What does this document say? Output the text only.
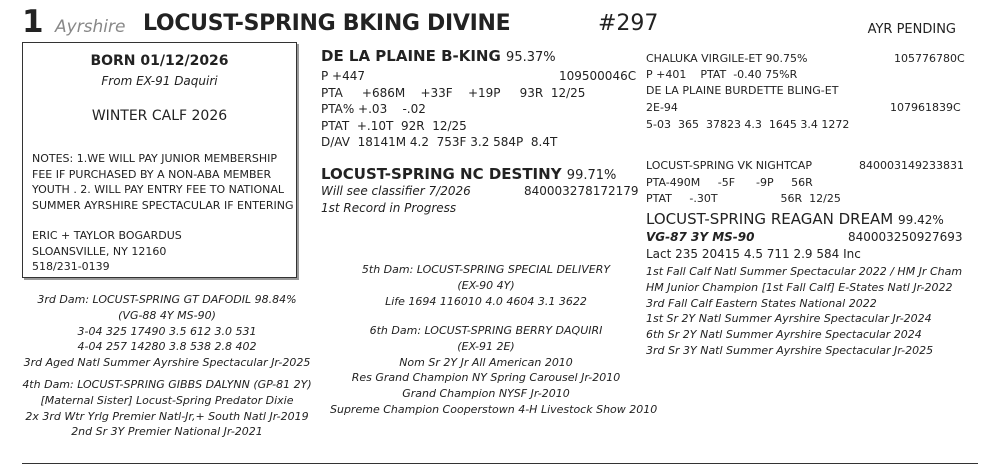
1 Ayrshire LOCUST-SPRING BKING DIVINE	#297	AYR PENDING
BORN 01/12/2026
From EX-91 Daquiri
WINTER CALF 2026
NOTES: 1.WE WILL PAY JUNIOR MEMBERSHIP
FEE IF PURCHASED BY A NON-ABA MEMBER
YOUTH . 2. WILL PAY ENTRY FEE TO NATIONAL
SUMMER AYRSHIRE SPECTACULAR IF ENTERING
ERIC + TAYLOR BOGARDUS
SLOANSVILLE, NY 12160
518/231-0139
DE LA PLAINE B-KING 95.37%
P +447	109500046C
PTA     +686M    +33F    +19P     93R  12/25
PTA% +.03    -.02
PTAT  +.10T  92R  12/25
D/AV  18141M 4.2  753F 3.2 584P  8.4T
CHALUKA VIRGILE-ET 90.75%	105776780C
P +401    PTAT  -0.40 75%R
DE LA PLAINE BURDETTE BLING-ET
2E-94	107961839C
5-03  365  37823 4.3  1645 3.4 1272
LOCUST-SPRING NC DESTINY 99.71%
Will see classifier 7/2026	840003278172179
1st Record in Progress
LOCUST-SPRING VK NIGHTCAP	840003149233831
PTA-490M     -5F      -9P     56R
PTAT     -.30T                  56R  12/25
LOCUST-SPRING REAGAN DREAM 99.42%
VG-87 3Y MS-90	840003250927693
Lact 235 20415 4.5 711 2.9 584 Inc
1st Fall Calf Natl Summer Spectacular 2022 / HM Jr Cham
HM Junior Champion [1st Fall Calf] E-States Natl Jr-2022
3rd Fall Calf Eastern States National 2022
1st Sr 2Y Natl Summer Ayrshire Spectacular Jr-2024
6th Sr 2Y Natl Summer Ayrshire Spectacular 2024
3rd Sr 3Y Natl Summer Ayrshire Spectacular Jr-2025
3rd Dam: LOCUST-SPRING GT DAFODIL 98.84%
(VG-88 4Y MS-90)
3-04 325 17490 3.5 612 3.0 531
4-04 257 14280 3.8 538 2.8 402
3rd Aged Natl Summer Ayrshire Spectacular Jr-2025
4th Dam: LOCUST-SPRING GIBBS DALYNN (GP-81 2Y)
[Maternal Sister] Locust-Spring Predator Dixie
2x 3rd Wtr Yrlg Premier Natl-Jr,+ South Natl Jr-2019
2nd Sr 3Y Premier National Jr-2021
5th Dam: LOCUST-SPRING SPECIAL DELIVERY
(EX-90 4Y)
Life 1694 116010 4.0 4604 3.1 3622
6th Dam: LOCUST-SPRING BERRY DAQUIRI
(EX-91 2E)
Nom Sr 2Y Jr All American 2010
Res Grand Champion NY Spring Carousel Jr-2010
Grand Champion NYSF Jr-2010
Supreme Champion Cooperstown 4-H Livestock Show 2010
